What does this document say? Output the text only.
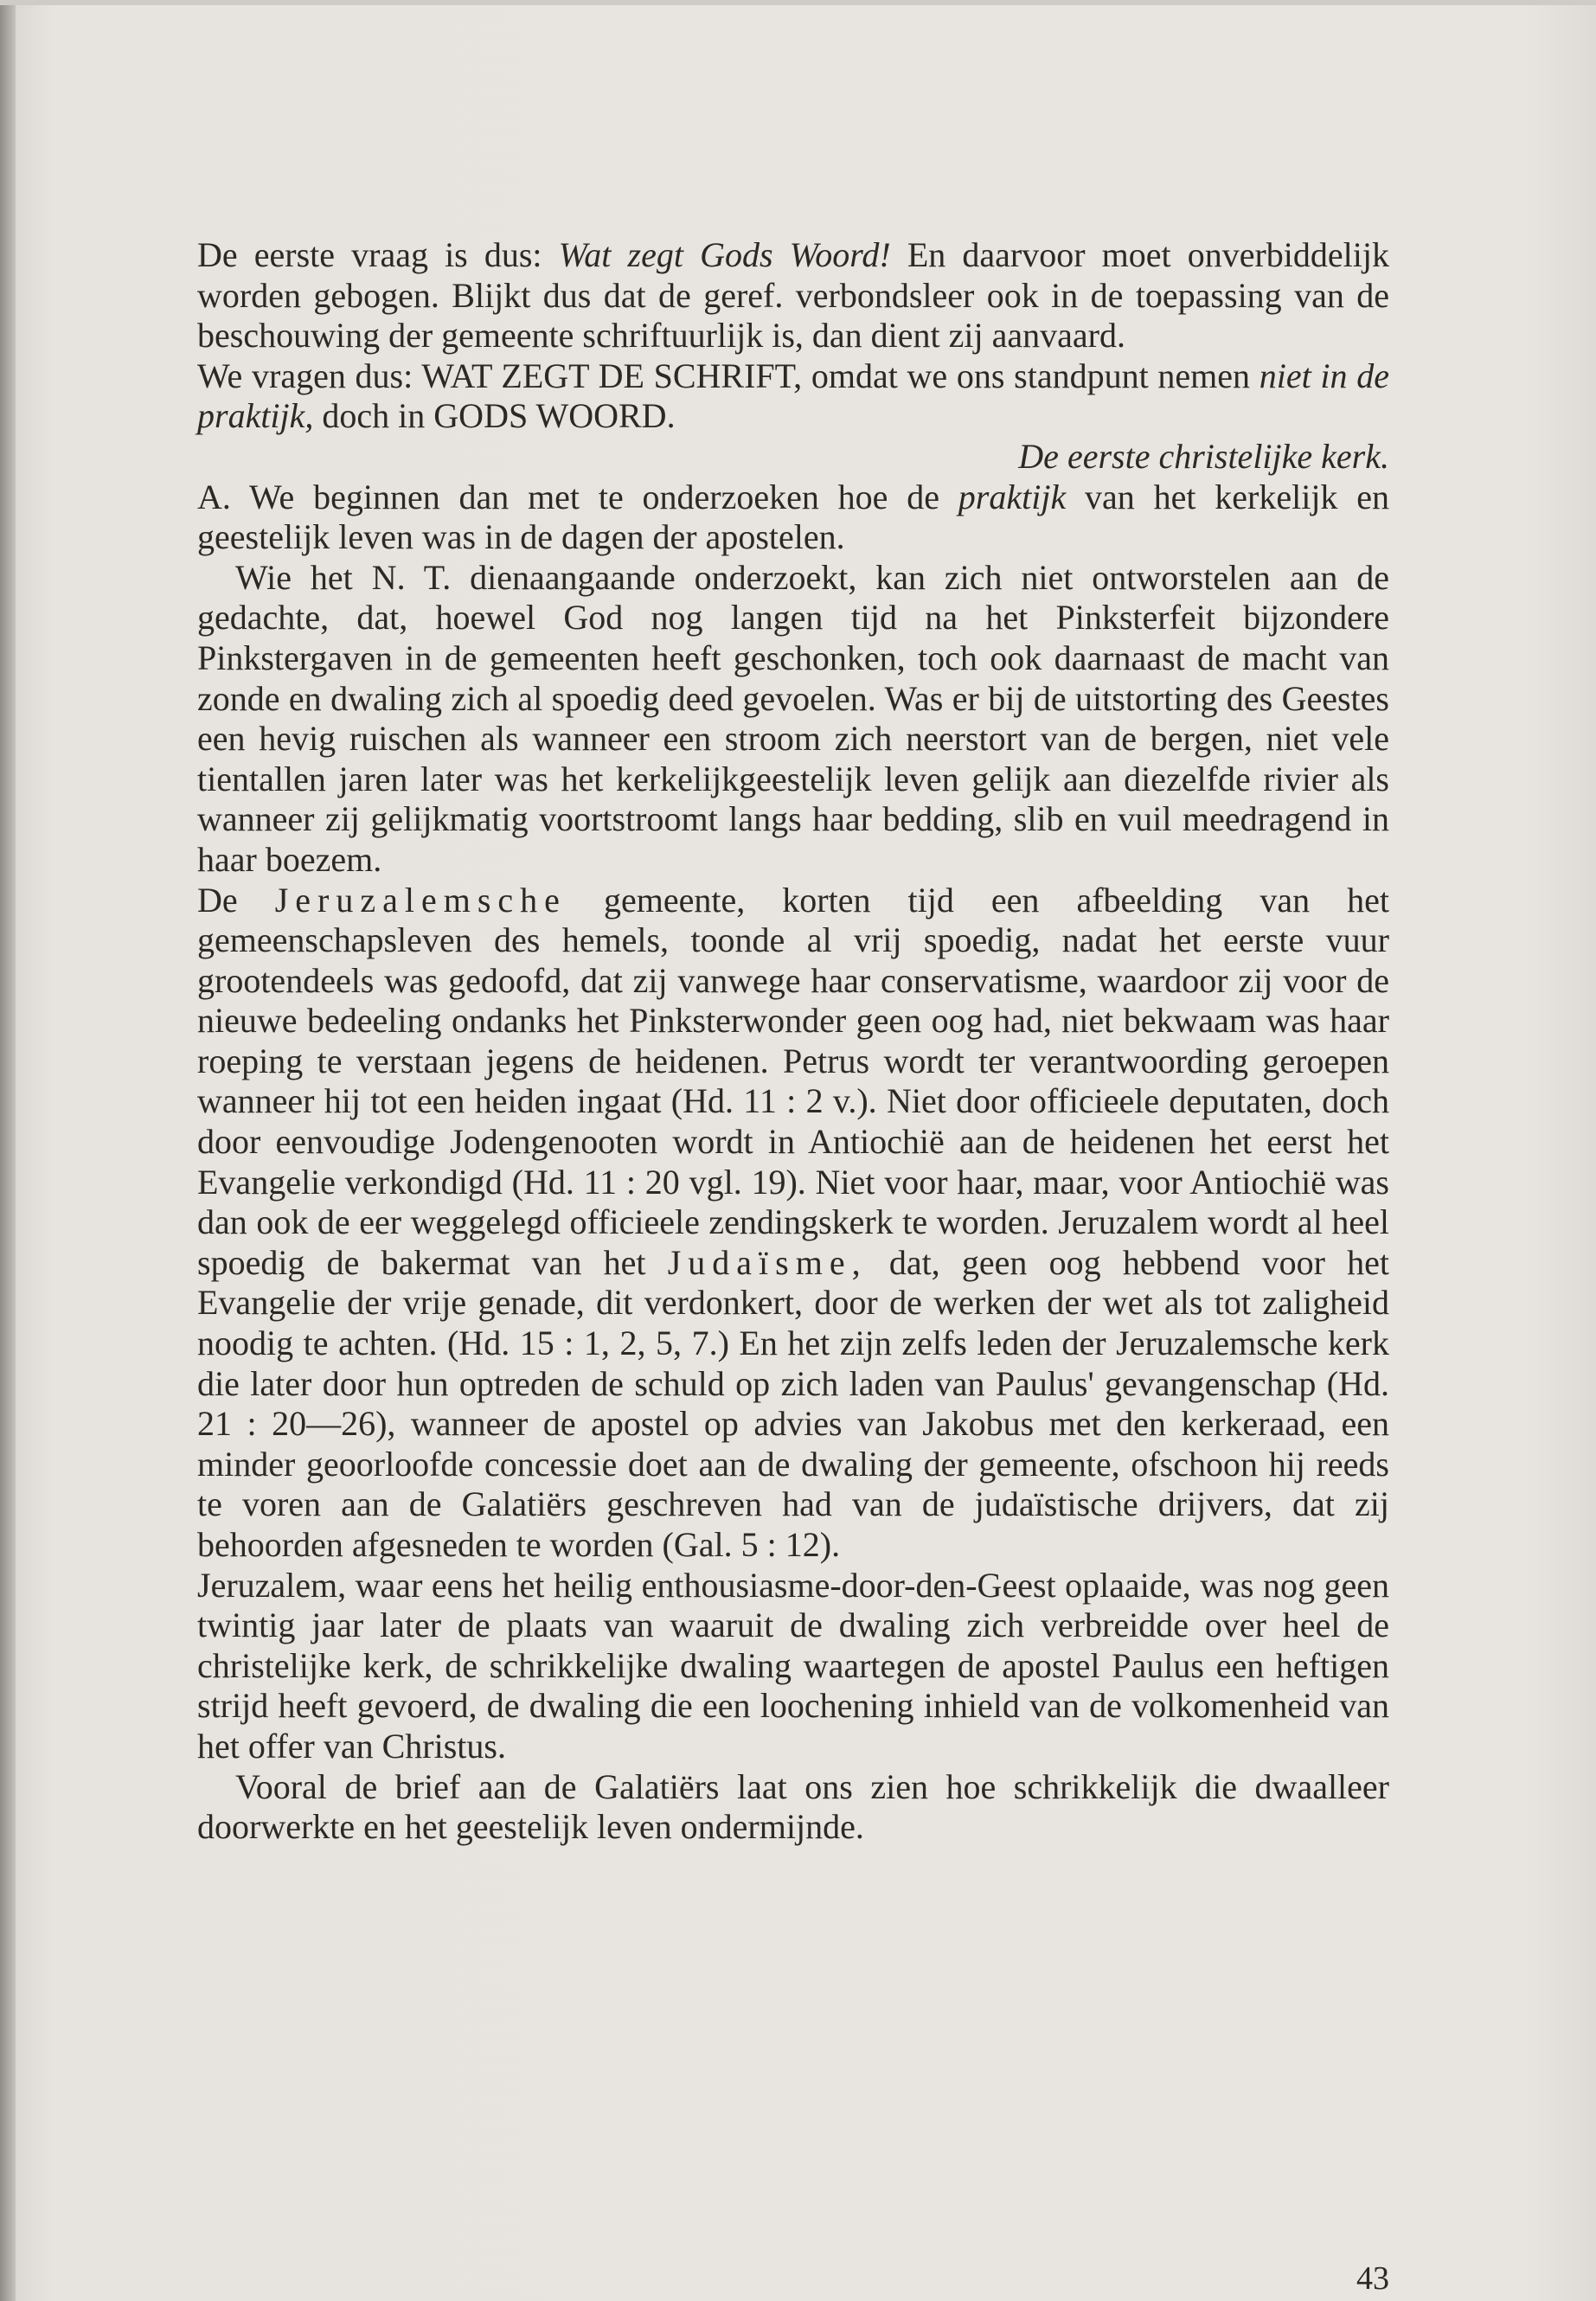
De eerste vraag is dus: Wat zegt Gods Woord! En daarvoor moet onverbiddelijk worden gebogen. Blijkt dus dat de geref. verbondsleer ook in de toepassing van de beschouwing der gemeente schriftuurlijk is, dan dient zij aanvaard.

We vragen dus: WAT ZEGT DE SCHRIFT, omdat we ons standpunt nemen niet in de praktijk, doch in GODS WOORD.

De eerste christelijke kerk.

A. We beginnen dan met te onderzoeken hoe de praktijk van het kerkelijk en geestelijk leven was in de dagen der apostelen.

Wie het N. T. dienaangaande onderzoekt, kan zich niet ontworstelen aan de gedachte, dat, hoewel God nog langen tijd na het Pinksterfeit bijzondere Pinkstergaven in de gemeenten heeft geschonken, toch ook daarnaast de macht van zonde en dwaling zich al spoedig deed gevoelen. Was er bij de uitstorting des Geestes een hevig ruischen als wanneer een stroom zich neerstort van de bergen, niet vele tientallen jaren later was het kerkelijkgeestelijk leven gelijk aan diezelfde rivier als wanneer zij gelijkmatig voortstroomt langs haar bedding, slib en vuil meedragend in haar boezem.

De Jeruzalemsche gemeente, korten tijd een afbeelding van het gemeenschapsleven des hemels, toonde al vrij spoedig, nadat het eerste vuur grootendeels was gedoofd, dat zij vanwege haar conservatisme, waardoor zij voor de nieuwe bedeeling ondanks het Pinksterwonder geen oog had, niet bekwaam was haar roeping te verstaan jegens de heidenen. Petrus wordt ter verantwoording geroepen wanneer hij tot een heiden ingaat (Hd. 11 : 2 v.). Niet door officieele deputaten, doch door eenvoudige Jodengenooten wordt in Antiochië aan de heidenen het eerst het Evangelie verkondigd (Hd. 11 : 20 vgl. 19). Niet voor haar, maar, voor Antiochië was dan ook de eer weggelegd officieele zendingskerk te worden. Jeruzalem wordt al heel spoedig de bakermat van het Judaïsme, dat, geen oog hebbend voor het Evangelie der vrije genade, dit verdonkert, door de werken der wet als tot zaligheid noodig te achten. (Hd. 15 : 1, 2, 5, 7.) En het zijn zelfs leden der Jeruzalemsche kerk die later door hun optreden de schuld op zich laden van Paulus' gevangenschap (Hd. 21 : 20—26), wanneer de apostel op advies van Jakobus met den kerkeraad, een minder geoorloofde concessie doet aan de dwaling der gemeente, ofschoon hij reeds te voren aan de Galatiërs geschreven had van de judaïstische drijvers, dat zij behoorden afgesneden te worden (Gal. 5 : 12).

Jeruzalem, waar eens het heilig enthousiasme-door-den-Geest oplaaide, was nog geen twintig jaar later de plaats van waaruit de dwaling zich verbreidde over heel de christelijke kerk, de schrikkelijke dwaling waartegen de apostel Paulus een heftigen strijd heeft gevoerd, de dwaling die een loochening inhield van de volkomenheid van het offer van Christus.

Vooral de brief aan de Galatiërs laat ons zien hoe schrikkelijk die dwaalleer doorwerkte en het geestelijk leven ondermijnde.

43
